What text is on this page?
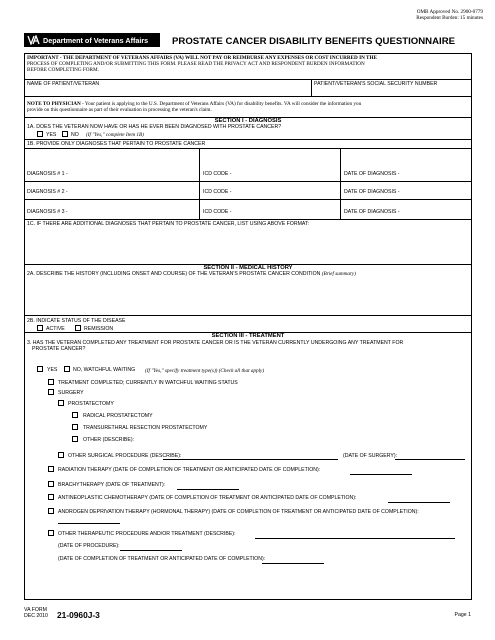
OMB Approved No. 2900-0779
Respondent Burden: 15 minutes
Department of Veterans Affairs PROSTATE CANCER DISABILITY BENEFITS QUESTIONNAIRE
IMPORTANT - THE DEPARTMENT OF VETERANS AFFAIRS (VA) WILL NOT PAY OR REIMBURSE ANY EXPENSES OR COST INCURRED IN THE
PROCESS OF COMPLETING AND/OR SUBMITTING THIS FORM. PLEASE READ THE PRIVACY ACT AND RESPONDENT BURDEN INFORMATION
BEFORE COMPLETING FORM.
NAME OF PATIENT/VETERAN	PATIENT/VETERAN'S SOCIAL SECURITY NUMBER
NOTE TO PHYSICIAN - Your patient is applying to the U.S. Department of Veterans Affairs (VA) for disability benefits. VA will consider the information you
provide on this questionnaire as part of their evaluation in processing the veteran's claim.
SECTION I - DIAGNOSIS
1A. DOES THE VETERAN NOW HAVE OR HAS HE EVER BEEN DIAGNOSED WITH PROSTATE CANCER?
YES	NO (If "Yes," complete Item 1B)
1B. PROVIDE ONLY DIAGNOSES THAT PERTAIN TO PROSTATE CANCER
DIAGNOSIS # 1 -	ICD CODE -	DATE OF DIAGNOSIS -
DIAGNOSIS # 2 -	ICD CODE -	DATE OF DIAGNOSIS -
DIAGNOSIS # 3 -	ICD CODE -	DATE OF DIAGNOSIS -
1C. IF THERE ARE ADDITIONAL DIAGNOSES THAT PERTAIN TO PROSTATE CANCER, LIST USING ABOVE FORMAT:
SECTION II - MEDICAL HISTORY
2A. DESCRIBE THE HISTORY (INCLUDING ONSET AND COURSE) OF THE VETERAN'S PROSTATE CANCER CONDITION (Brief summary)
2B. INDICATE STATUS OF THE DISEASE
ACTIVE	REMISSION
SECTION III - TREATMENT
3. HAS THE VETERAN COMPLETED ANY TREATMENT FOR PROSTATE CANCER OR IS THE VETERAN CURRENTLY UNDERGOING ANY TREATMENT FOR
PROSTATE CANCER?
YES	NO, WATCHFUL WAITING (If "Yes," specify treatment type(s)) (Check all that apply)
TREATMENT COMPLETED; CURRENTLY IN WATCHFUL WAITING STATUS
SURGERY
PROSTATECTOMY
RADICAL PROSTATECTOMY
TRANSURETHRAL RESECTION PROSTATECTOMY
OTHER (DESCRIBE):
OTHER SURGICAL PROCEDURE (DESCRIBE):	(DATE OF SURGERY):
RADIATION THERAPY (DATE OF COMPLETION OF TREATMENT OR ANTICIPATED DATE OF COMPLETION):
BRACHYTHERAPY (DATE OF TREATMENT):
ANTINEOPLASTIC CHEMOTHERAPY (DATE OF COMPLETION OF TREATMENT OR ANTICIPATED DATE OF COMPLETION):
ANDROGEN DEPRIVATION THERAPY (HORMONAL THERAPY) (DATE OF COMPLETION OF TREATMENT OR ANTICIPATED DATE OF COMPLETION):
OTHER THERAPEUTIC PROCEDURE AND/OR TREATMENT (DESCRIBE):
(DATE OF PROCEDURE):
(DATE OF COMPLETION OF TREATMENT OR ANTICIPATED DATE OF COMPLETION):
VA FORM
DEC 2010 21-0960J-3	Page 1
